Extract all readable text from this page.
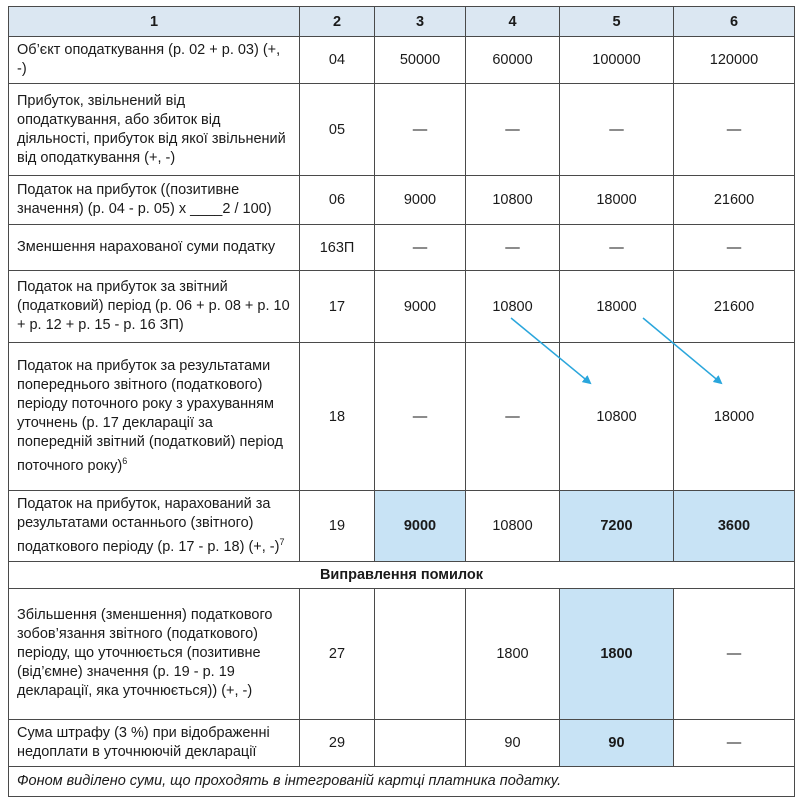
1	2	3	4	5	6
Об’єкт оподаткування (р. 02 + р. 03) (+, -)	04	50000	60000	100000	120000
Прибуток, звільнений від оподаткування, або збиток від діяльності, прибуток від якої звільнений від оподаткування (+, -)	05	—	—	—	—
Податок на прибуток ((позитивне значення) (р. 04 - р. 05) х ____2 / 100)	06	9000	10800	18000	21600
Зменшення нарахованої суми податку	163П	—	—	—	—
Податок на прибуток за звітний (податковий) період (р. 06 + р. 08 + р. 10 + р. 12 + р. 15 - р. 16 ЗП)	17	9000	10800	18000	21600
Податок на прибуток за результатами попереднього звітного (податкового) періоду поточного року з урахуванням уточнень (р. 17 декларації за попередній звітний (податковий) період поточного року)$^6$	18	—	—	10800	18000
Податок на прибуток, нарахований за результатами останнього (звітного) податкового періоду (р. 17 - р. 18) (+, -)$^7$	19	9000	10800	7200	3600
Виправлення помилок					
Збільшення (зменшення) податкового зобов’язання звітного (податкового) періоду, що уточнюється (позитивне (від’ємне) значення (р. 19 - р. 19 декларації, яка уточнюється)) (+, -)	27		1800	1800	—
Сума штрафу (3 %) при відображенні недоплати в уточнюючій декларації	29		90	90	—
Фоном виділено суми, що проходять в інтегрованій картці платника податку.					
